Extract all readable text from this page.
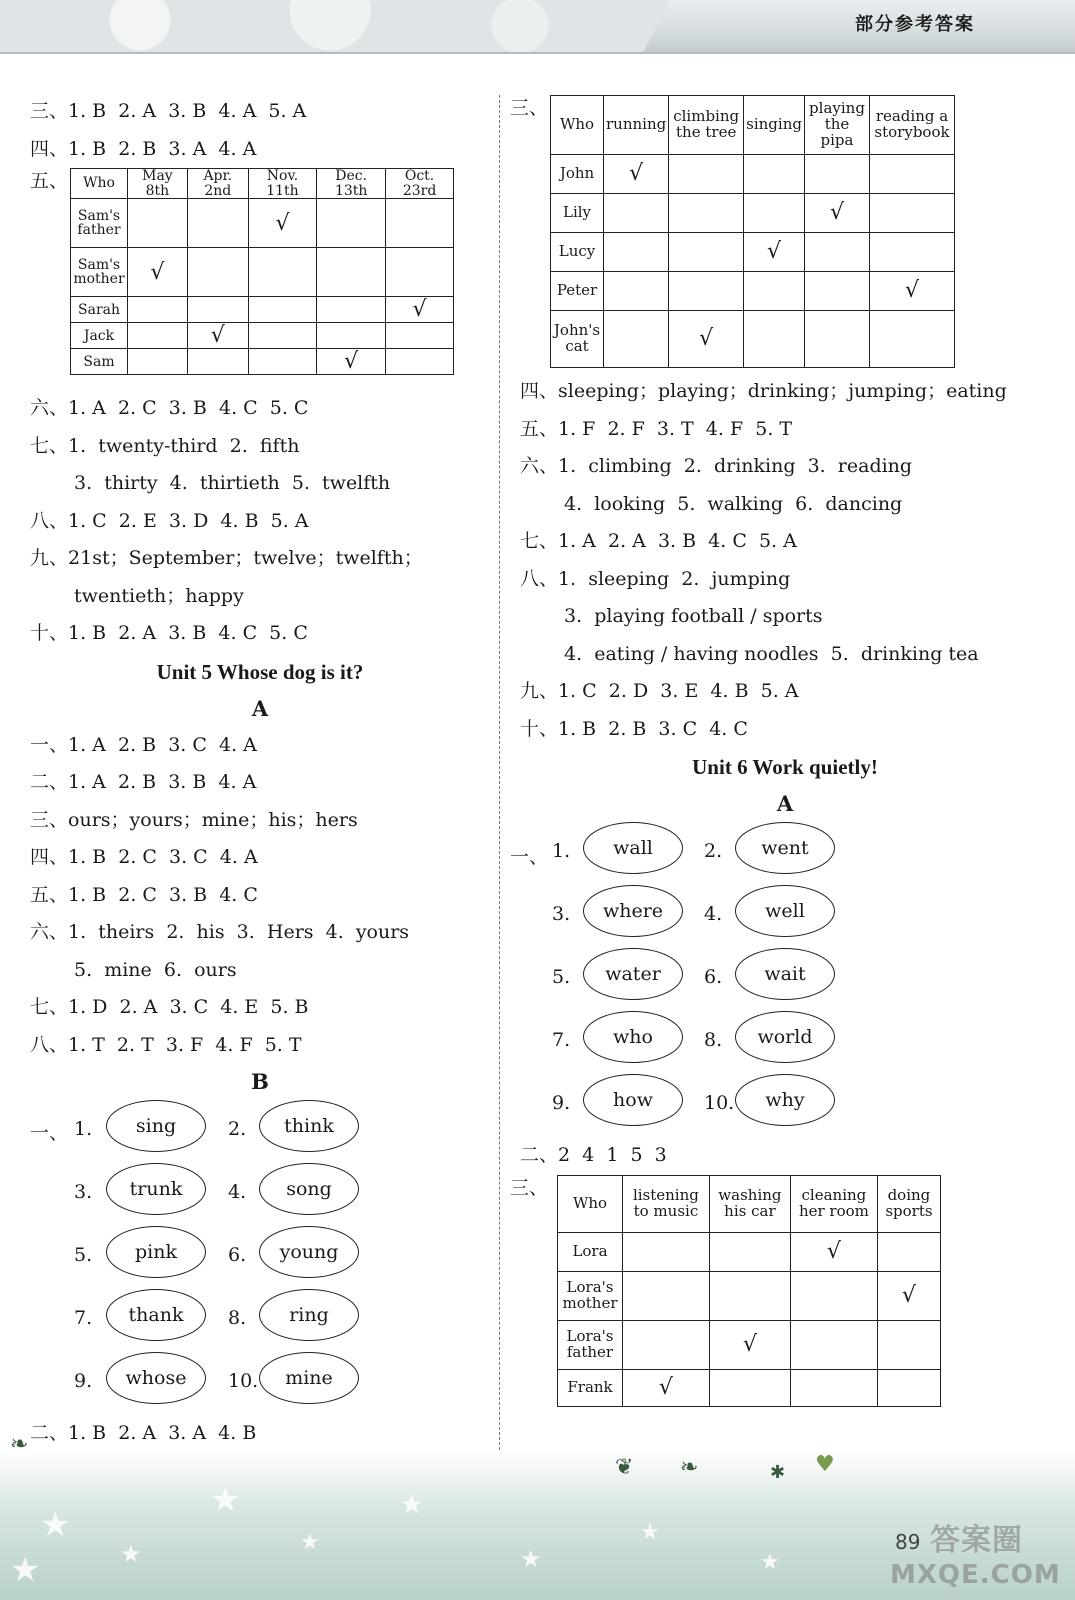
部分参考答案
三、1. B  2. A  3. B  4. A  5. A
四、1. B  2. B  3. A  4. A
五、 Who	May 8th	Apr. 2nd	Nov. 11th	Dec. 13th	Oct. 23rd
Sam's father			√		
Sam's mother	√				
Sarah					√
Jack		√			
Sam				√	
六、1. A  2. C  3. B  4. C  5. C
七、1.  twenty-third  2.  fifth
3.  thirty  4.  thirtieth  5.  twelfth
八、1. C  2. E  3. D  4. B  5. A
九、21st；September；twelve；twelfth；
twentieth；happy
十、1. B  2. A  3. B  4. C  5. C
Unit 5 Whose dog is it?
A
一、1. A  2. B  3. C  4. A
二、1. A  2. B  3. B  4. A
三、ours；yours；mine；his；hers
四、1. B  2. C  3. C  4. A
五、1. B  2. C  3. B  4. C
六、1.  theirs  2.  his  3.  Hers  4.  yours
5.  mine  6.  ours
七、1. D  2. A  3. C  4. E  5. B
八、1. T  2. T  3. F  4. F  5. T
B
一、 1.	sing	2.	think
3.	trunk	4.	song
5.	pink	6.	young
7.	thank	8.	ring
9.	whose	10.	mine
二、1. B  2. A  3. A  4. B
三、
Who	running	climbing the tree	singing	playing the pipa	reading a storybook
John	√				
Lily				√	
Lucy			√		
Peter					√
John's cat		√			
四、sleeping；playing；drinking；jumping；eating
五、1. F  2. F  3. T  4. F  5. T
六、1.  climbing  2.  drinking  3.  reading
4.  looking  5.  walking  6.  dancing
七、1. A  2. A  3. B  4. C  5. A
八、1.  sleeping  2.  jumping
3.  playing football / sports
4.  eating / having noodles  5.  drinking tea
九、1. C  2. D  3. E  4. B  5. A
十、1. B  2. B  3. C  4. C
Unit 6 Work quietly!
A
一、 1.	wall	2.	went
3.	where	4.	well
5.	water	6.	wait
7.	who	8.	world
9.	how	10.	why
二、2  4  1  5  3
三、
Who	listening to music	washing his car	cleaning her room	doing sports
Lora			√	
Lora's mother				√
Lora's father		√		
Frank	√			
★
★
★
★
★
★
★
★
★
❧
❦ ❧	✱ ♥
89 答案圈
MXQE.COM
